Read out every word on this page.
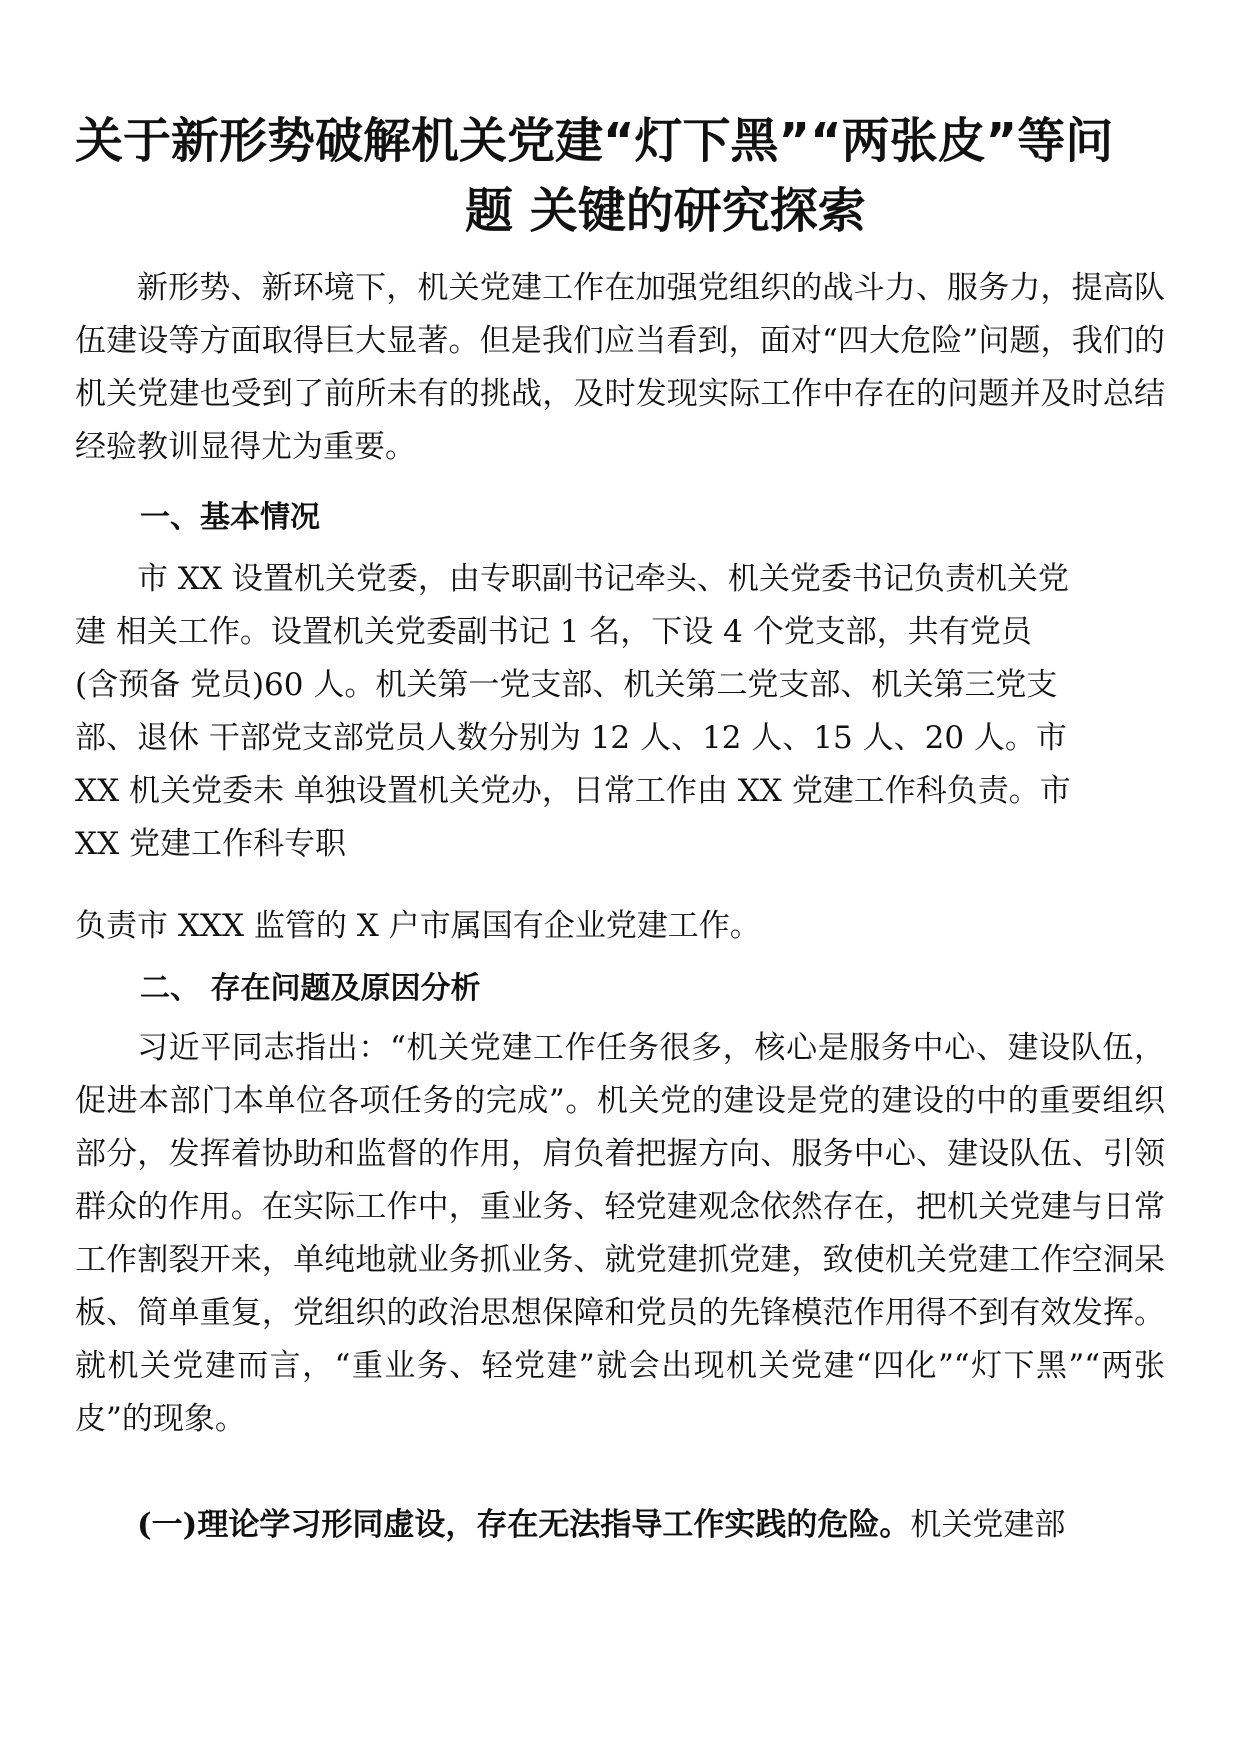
关于新形势破解机关党建“灯下黑”“两张皮”等问
题 关键的研究探索
新形势、新环境下，机关党建工作在加强党组织的战斗力、服务力，提高队伍建设等方面取得巨大显著。但是我们应当看到，面对“四大危险”问题，我们的机关党建也受到了前所未有的挑战，及时发现实际工作中存在的问题并及时总结经验教训显得尤为重要。
一、基本情况
市 XX 设置机关党委，由专职副书记牵头、机关党委书记负责机关党
建 相关工作。设置机关党委副书记 1 名，下设 4 个党支部，共有党员
(含预备 党员)60 人。机关第一党支部、机关第二党支部、机关第三党支
部、退休 干部党支部党员人数分别为 12 人、12 人、15 人、20 人。市
XX 机关党委未 单独设置机关党办，日常工作由 XX 党建工作科负责。市
XX 党建工作科专职
负责市 XXX 监管的 X 户市属国有企业党建工作。
二、 存在问题及原因分析
习近平同志指出：“机关党建工作任务很多，核心是服务中心、建设队伍，促进本部门本单位各项任务的完成”。机关党的建设是党的建设的中的重要组织部分，发挥着协助和监督的作用，肩负着把握方向、服务中心、建设队伍、引领群众的作用。在实际工作中，重业务、轻党建观念依然存在，把机关党建与日常工作割裂开来，单纯地就业务抓业务、就党建抓党建，致使机关党建工作空洞呆板、简单重复，党组织的政治思想保障和党员的先锋模范作用得不到有效发挥。就机关党建而言，“重业务、轻党建”就会出现机关党建“四化”“灯下黑”“两张皮”的现象。
(一)理论学习形同虚设，存在无法指导工作实践的危险。机关党建部
